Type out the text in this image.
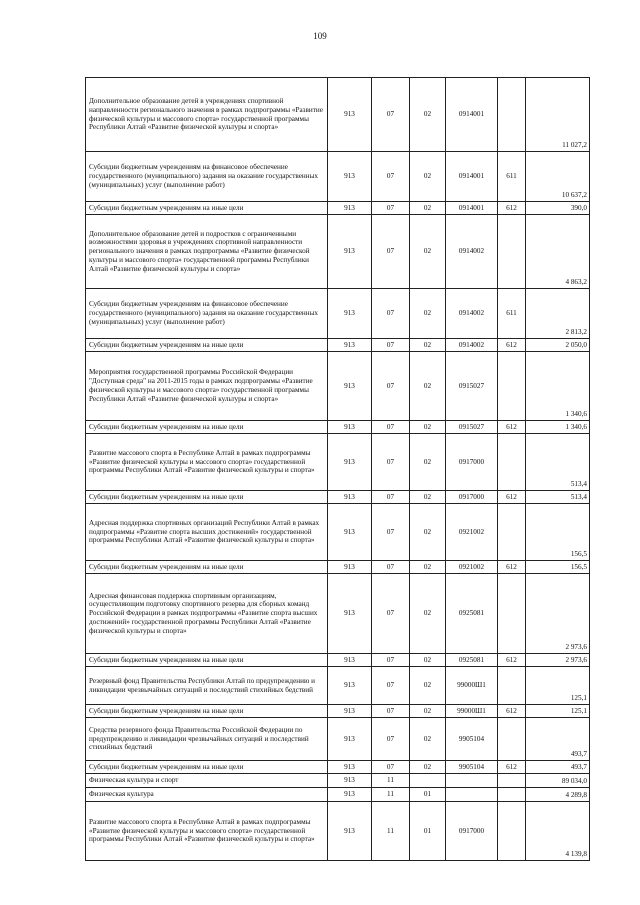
109
Дополнительное образование детей в учреждениях спортивной направленности регионального значения в рамках подпрограммы «Развитие физической культуры и массового спорта» государственной программы Республики Алтай «Развитие физической культуры и спорта»	913	07	02	0914001		11 027,2
Субсидии бюджетным учреждениям на финансовое обеспечение государственного (муниципального) задания на оказание государственных (муниципальных) услуг (выполнение работ)	913	07	02	0914001	611	10 637,2
Субсидии бюджетным учреждениям на иные цели	913	07	02	0914001	612	390,0
Дополнительное образование детей и подростков с ограниченными возможностями здоровья в учреждениях спортивной направленности регионального значения в рамках подпрограммы «Развитие физической культуры и массового спорта» государственной программы Республики Алтай «Развитие физической культуры и спорта»	913	07	02	0914002		4 863,2
Субсидии бюджетным учреждениям на финансовое обеспечение государственного (муниципального) задания на оказание государственных (муниципальных) услуг (выполнение работ)	913	07	02	0914002	611	2 813,2
Субсидии бюджетным учреждениям на иные цели	913	07	02	0914002	612	2 050,0
Мероприятия государственной программы Российской Федерации "Доступная среда" на 2011-2015 годы в рамках подпрограммы «Развитие физической культуры и массового спорта» государственной программы Республики Алтай «Развитие физической культуры и спорта»	913	07	02	0915027		1 340,6
Субсидии бюджетным учреждениям на иные цели	913	07	02	0915027	612	1 340,6
Развитие массового спорта в Республике Алтай в рамках подпрограммы «Развитие физической культуры и массового спорта» государственной программы Республики Алтай «Развитие физической культуры и спорта»	913	07	02	0917000		513,4
Субсидии бюджетным учреждениям на иные цели	913	07	02	0917000	612	513,4
Адресная поддержка спортивных организаций Республики Алтай в рамках подпрограммы «Развитие спорта высших достижений» государственной программы Республики Алтай «Развитие физической культуры и спорта»	913	07	02	0921002		156,5
Субсидии бюджетным учреждениям на иные цели	913	07	02	0921002	612	156,5
Адресная финансовая поддержка спортивным организациям, осуществляющим подготовку спортивного резерва для сборных команд Российской Федерации в рамках подпрограммы «Развитие спорта высших достижений» государственной программы Республики Алтай «Развитие физической культуры и спорта»	913	07	02	0925081		2 973,6
Субсидии бюджетным учреждениям на иные цели	913	07	02	0925081	612	2 973,6
Резервный фонд Правительства Республики Алтай по предупреждению и ликвидации чрезвычайных ситуаций и последствий стихийных бедствий	913	07	02	99000Ш1		125,1
Субсидии бюджетным учреждениям на иные цели	913	07	02	99000Ш1	612	125,1
Средства резервного фонда Правительства Российской Федерации по предупреждению и ликвидации чрезвычайных ситуаций и последствий стихийных бедствий	913	07	02	9905104		493,7
Субсидии бюджетным учреждениям на иные цели	913	07	02	9905104	612	493,7
Физическая культура и спорт	913	11				89 034,0
Физическая культура	913	11	01			4 289,8
Развитие массового спорта в Республике Алтай в рамках подпрограммы «Развитие физической культуры и массового спорта» государственной программы Республики Алтай «Развитие физической культуры и спорта»	913	11	01	0917000		4 139,8
